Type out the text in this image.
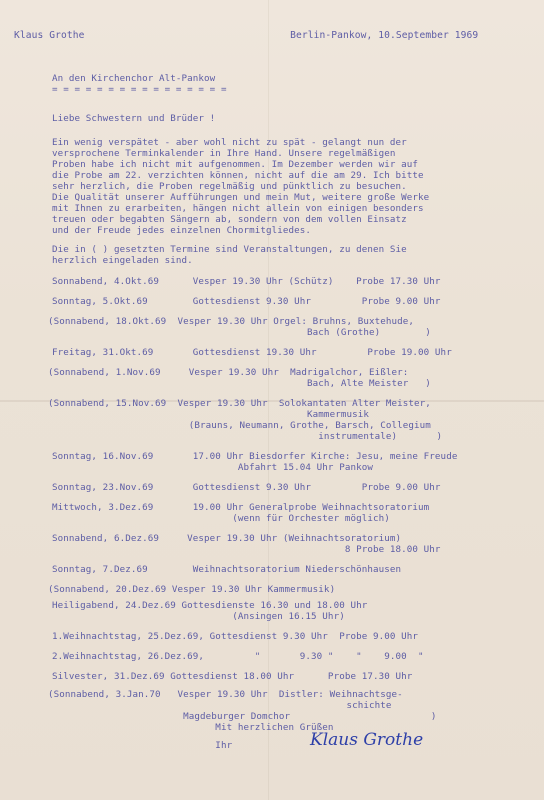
Klaus Grothe                                   Berlin-Pankow, 10.September 1969
An den Kirchenchor Alt-Pankow
= = = = = = = = = = = = = = = =
Liebe Schwestern und Brüder !
Ein wenig verspätet - aber wohl nicht zu spät - gelangt nun der
versprochene Terminkalender in Ihre Hand. Unsere regelmäßigen
Proben habe ich nicht mit aufgenommen. Im Dezember werden wir auf
die Probe am 22. verzichten können, nicht auf die am 29. Ich bitte
sehr herzlich, die Proben regelmäßig und pünktlich zu besuchen.
Die Qualität unserer Aufführungen und mein Mut, weitere große Werke
mit Ihnen zu erarbeiten, hängen nicht allein von einigen besonders
treuen oder begabten Sängern ab, sondern von dem vollen Einsatz
und der Freude jedes einzelnen Chormitgliedes.
Die in ( ) gesetzten Termine sind Veranstaltungen, zu denen Sie
herzlich eingeladen sind.
Sonnabend, 4.Okt.69      Vesper 19.30 Uhr (Schütz)    Probe 17.30 Uhr
Sonntag, 5.Okt.69        Gottesdienst 9.30 Uhr         Probe 9.00 Uhr
(Sonnabend, 18.Okt.69  Vesper 19.30 Uhr Orgel: Bruhns, Buxtehude,
Bach (Grothe)        )
Freitag, 31.Okt.69       Gottesdienst 19.30 Uhr         Probe 19.00 Uhr
(Sonnabend, 1.Nov.69     Vesper 19.30 Uhr  Madrigalchor, Eißler:
Bach, Alte Meister   )
(Sonnabend, 15.Nov.69  Vesper 19.30 Uhr  Solokantaten Alter Meister,
Kammermusik
(Brauns, Neumann, Grothe, Barsch, Collegium
instrumentale)       )
Sonntag, 16.Nov.69       17.00 Uhr Biesdorfer Kirche: Jesu, meine Freude
Abfahrt 15.04 Uhr Pankow
Sonntag, 23.Nov.69       Gottesdienst 9.30 Uhr         Probe 9.00 Uhr
Mittwoch, 3.Dez.69       19.00 Uhr Generalprobe Weihnachtsoratorium
(wenn für Orchester möglich)
Sonnabend, 6.Dez.69     Vesper 19.30 Uhr (Weihnachtsoratorium)
8 Probe 18.00 Uhr
Sonntag, 7.Dez.69        Weihnachtsoratorium Niederschönhausen
(Sonnabend, 20.Dez.69 Vesper 19.30 Uhr Kammermusik)
Heiligabend, 24.Dez.69 Gottesdienste 16.30 und 18.00 Uhr
(Ansingen 16.15 Uhr)
1.Weihnachtstag, 25.Dez.69, Gottesdienst 9.30 Uhr  Probe 9.00 Uhr
2.Weihnachtstag, 26.Dez.69,         "       9.30 "    "    9.00  "
Silvester, 31.Dez.69 Gottesdienst 18.00 Uhr      Probe 17.30 Uhr
(Sonnabend, 3.Jan.70   Vesper 19.30 Uhr  Distler: Weihnachtsge-
schichte
Magdeburger Domchor                         )
Mit herzlichen Grüßen
Ihr	Klaus Grothe
